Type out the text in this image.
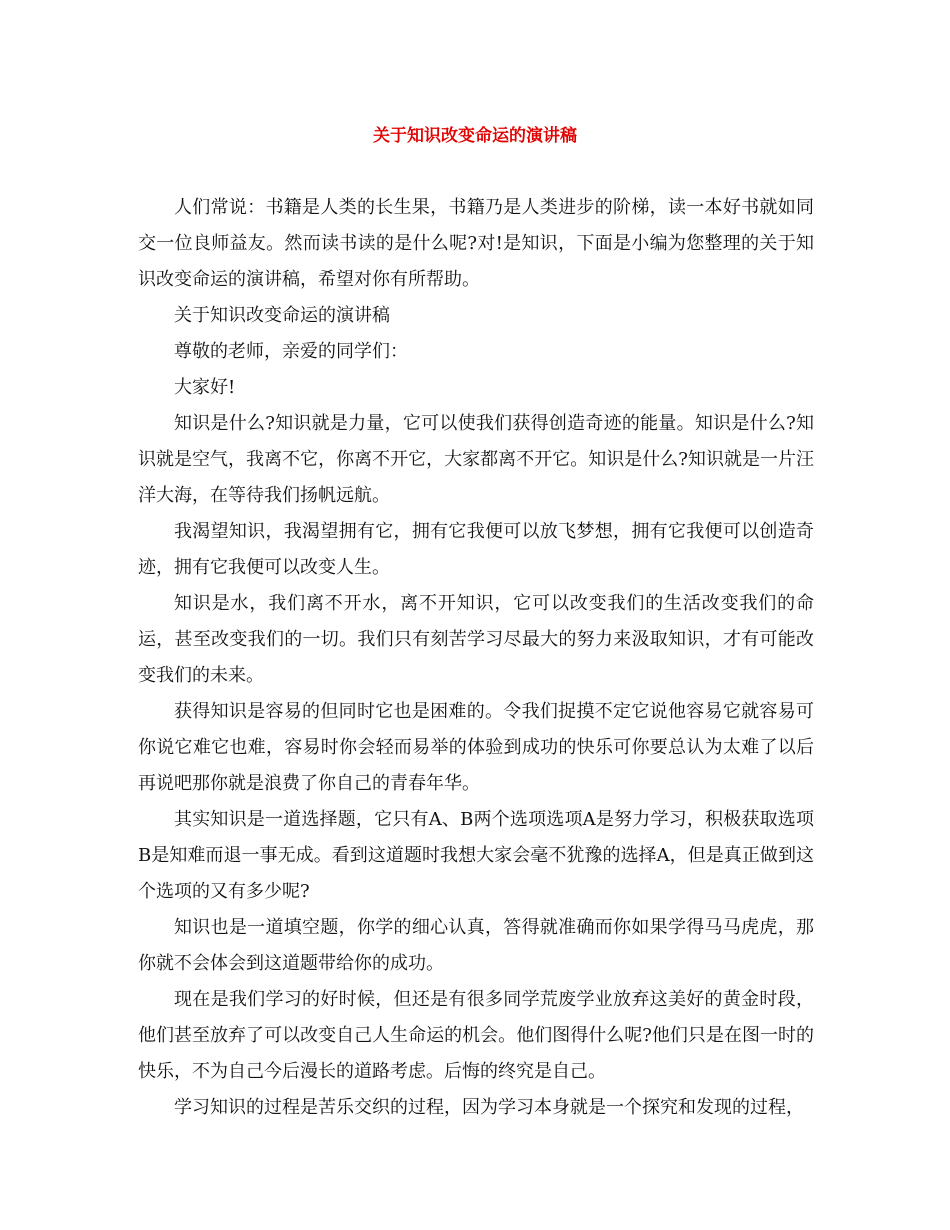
关于知识改变命运的演讲稿

人们常说：书籍是人类的长生果，书籍乃是人类进步的阶梯，读一本好书就如同交一位良师益友。然而读书读的是什么呢?对!是知识，下面是小编为您整理的关于知识改变命运的演讲稿，希望对你有所帮助。

关于知识改变命运的演讲稿

尊敬的老师，亲爱的同学们：

大家好!

知识是什么?知识就是力量，它可以使我们获得创造奇迹的能量。知识是什么?知识就是空气，我离不它，你离不开它，大家都离不开它。知识是什么?知识就是一片汪洋大海，在等待我们扬帆远航。

我渴望知识，我渴望拥有它，拥有它我便可以放飞梦想，拥有它我便可以创造奇迹，拥有它我便可以改变人生。

知识是水，我们离不开水，离不开知识，它可以改变我们的生活改变我们的命运，甚至改变我们的一切。我们只有刻苦学习尽最大的努力来汲取知识，才有可能改变我们的未来。

获得知识是容易的但同时它也是困难的。令我们捉摸不定它说他容易它就容易可你说它难它也难，容易时你会轻而易举的体验到成功的快乐可你要总认为太难了以后再说吧那你就是浪费了你自己的青春年华。

其实知识是一道选择题，它只有A、B两个选项选项A是努力学习，积极获取选项B是知难而退一事无成。看到这道题时我想大家会毫不犹豫的选择A，但是真正做到这个选项的又有多少呢?

知识也是一道填空题，你学的细心认真，答得就准确而你如果学得马马虎虎，那你就不会体会到这道题带给你的成功。

现在是我们学习的好时候，但还是有很多同学荒废学业放弃这美好的黄金时段，他们甚至放弃了可以改变自己人生命运的机会。他们图得什么呢?他们只是在图一时的快乐，不为自己今后漫长的道路考虑。后悔的终究是自己。

学习知识的过程是苦乐交织的过程，因为学习本身就是一个探究和发现的过程，
